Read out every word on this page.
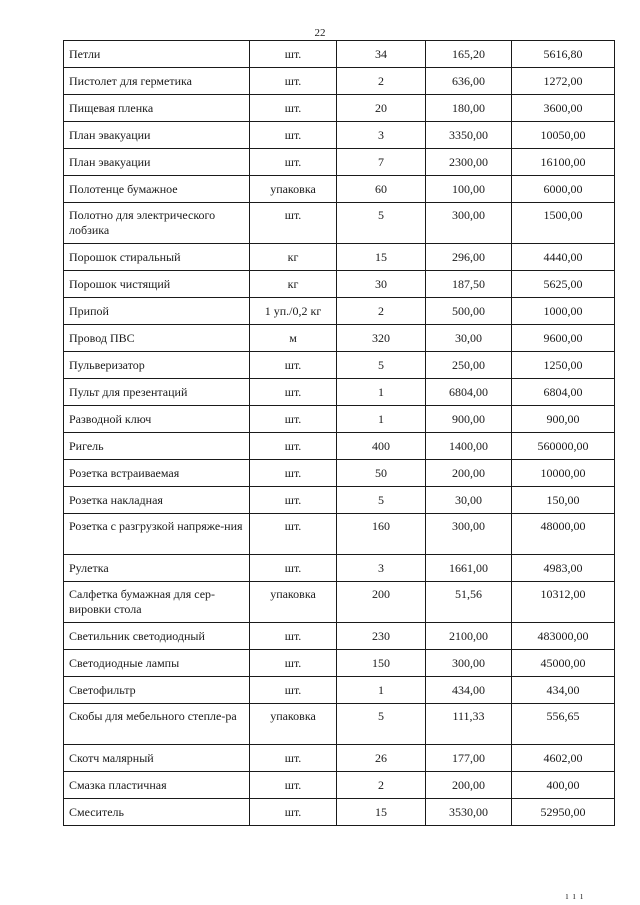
22
Петли	шт.	34	165,20	5616,80
Пистолет для герметика	шт.	2	636,00	1272,00
Пищевая пленка	шт.	20	180,00	3600,00
План эвакуации	шт.	3	3350,00	10050,00
План эвакуации	шт.	7	2300,00	16100,00
Полотенце бумажное	упаковка	60	100,00	6000,00
Полотно для электрического лобзика	шт.	5	300,00	1500,00
Порошок стиральный	кг	15	296,00	4440,00
Порошок чистящий	кг	30	187,50	5625,00
Припой	1 уп./0,2 кг	2	500,00	1000,00
Провод ПВС	м	320	30,00	9600,00
Пульверизатор	шт.	5	250,00	1250,00
Пульт для презентаций	шт.	1	6804,00	6804,00
Разводной ключ	шт.	1	900,00	900,00
Ригель	шт.	400	1400,00	560000,00
Розетка встраиваемая	шт.	50	200,00	10000,00
Розетка накладная	шт.	5	30,00	150,00
Розетка с разгрузкой напряже-ния	шт.	160	300,00	48000,00
Рулетка	шт.	3	1661,00	4983,00
Салфетка бумажная для сер-вировки стола	упаковка	200	51,56	10312,00
Светильник светодиодный	шт.	230	2100,00	483000,00
Светодиодные лампы	шт.	150	300,00	45000,00
Светофильтр	шт.	1	434,00	434,00
Скобы для мебельного степле-ра	упаковка	5	111,33	556,65
Скотч малярный	шт.	26	177,00	4602,00
Смазка пластичная	шт.	2	200,00	400,00
Смеситель	шт.	15	3530,00	52950,00
ı ı ı
